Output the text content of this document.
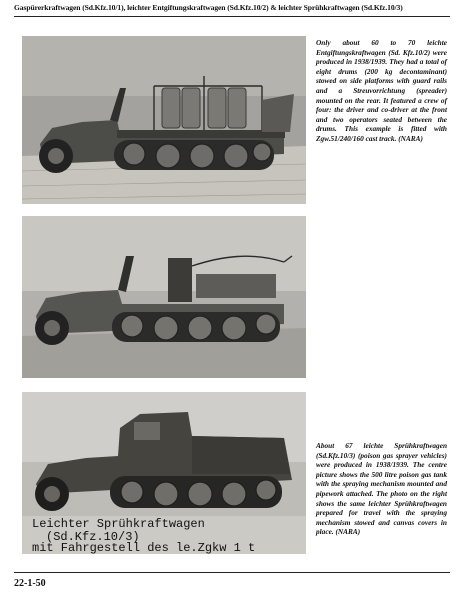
Gaspürerkraftwagen (Sd.Kfz.10/1), leichter Entgiftungskraftwagen (Sd.Kfz.10/2) & leichter Sprühkraftwagen (Sd.Kfz.10/3)
Only about 60 to 70 leichte Entgiftungskraftwagen (Sd. Kfz.10/2) were produced in 1938/1939. They had a total of eight drums (200 kg decontaminant) stowed on side platforms with guard rails and a Streuvorrichtung (spreader) mounted on the rear. It featured a crew of four: the driver and co-driver at the front and two operators seated between the drums. This example is fitted with Zgw.51/240/160 cast track. (NARA)
Leichter Sprühkraftwagen
(Sd.Kfz.10/3)
mit Fahrgestell des le.Zgkw 1 t
About 67 leichte Sprühkraftwagen (Sd.Kfz.10/3) (poison gas sprayer vehicles) were produced in 1938/1939. The centre picture shows the 500 litre poison gas tank with the spraying mechanism mounted and pipework attached. The photo on the right shows the same leichter Sprühkraftwagen prepared for travel with the spraying mechanism stowed and canvas covers in place. (NARA)
22-1-50
